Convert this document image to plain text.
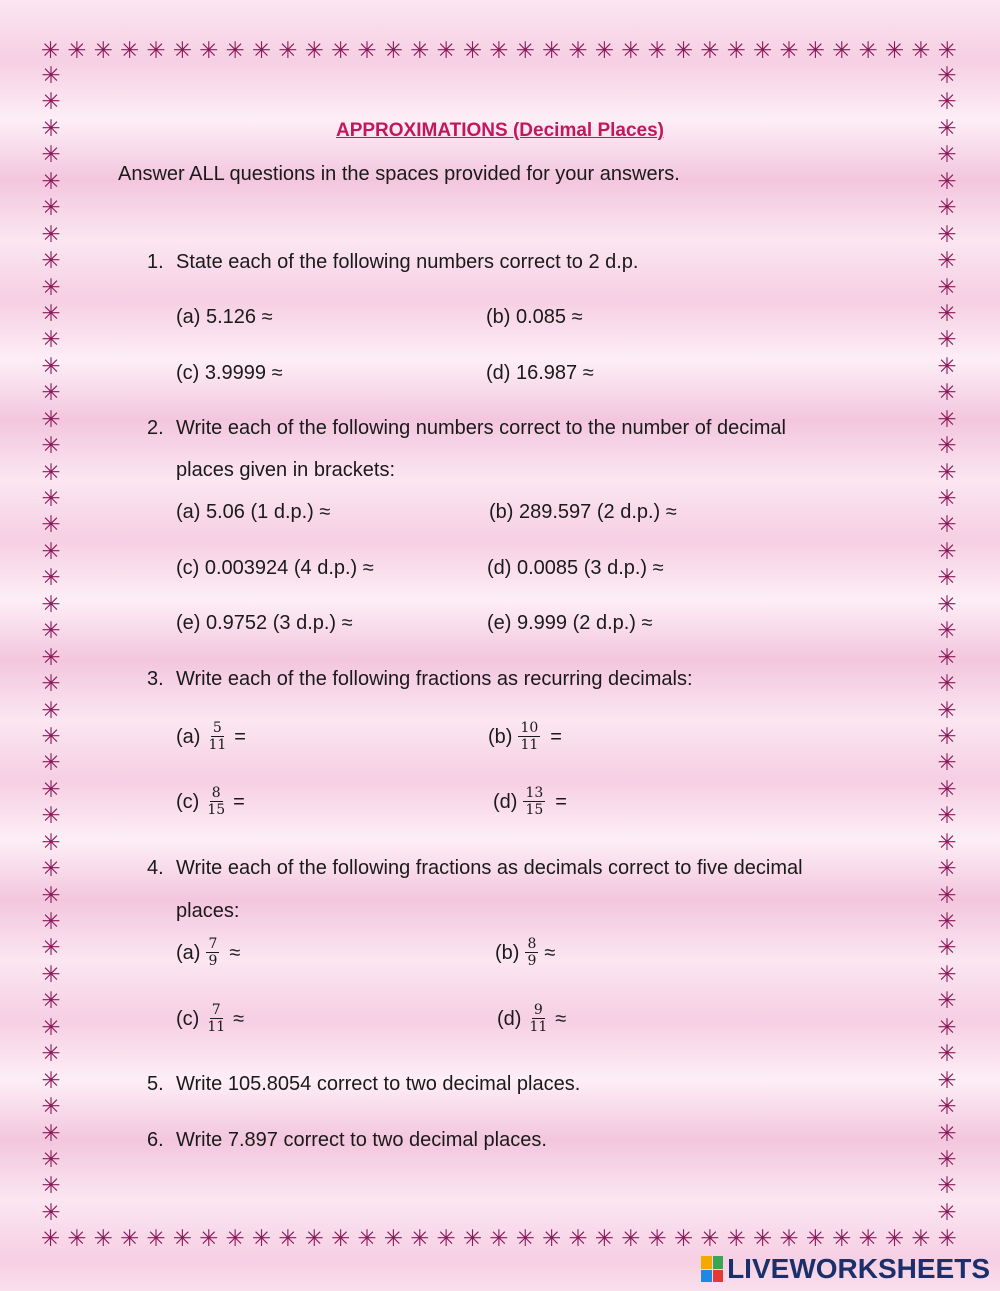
✳ ✳ ✳ ✳ ✳ ✳ ✳ ✳ ✳ ✳ ✳ ✳ ✳ ✳ ✳ ✳ ✳ ✳ ✳ ✳ ✳ ✳ ✳ ✳ ✳ ✳ ✳ ✳ ✳ ✳ ✳ ✳ ✳ ✳ ✳
✳ ✳ ✳ ✳ ✳ ✳ ✳ ✳ ✳ ✳ ✳ ✳ ✳ ✳ ✳ ✳ ✳ ✳ ✳ ✳ ✳ ✳ ✳ ✳ ✳ ✳ ✳ ✳ ✳ ✳ ✳ ✳ ✳ ✳ ✳
✳
✳
✳
✳
✳
✳
✳
✳
✳
✳
✳
✳
✳
✳
✳
✳
✳
✳
✳
✳
✳
✳
✳
✳
✳
✳
✳
✳
✳
✳
✳
✳
✳
✳
✳
✳
✳
✳
✳
✳
✳
✳
✳
✳
✳
✳
✳
✳
✳
✳
✳
✳
✳
✳
✳
✳
✳
✳
✳
✳
✳
✳
✳
✳
✳
✳
✳
✳
✳
✳
✳
✳
✳
✳
✳
✳
✳
✳
✳
✳
✳
✳
✳
✳
✳
✳
✳
✳
APPROXIMATIONS (Decimal Places)
Answer ALL questions in the spaces provided for your answers.
1. State each of the following numbers correct to 2 d.p.
(a) 5.126 ≈	(b) 0.085 ≈
(c) 3.9999 ≈	(d) 16.987 ≈
2. Write each of the following numbers correct to the number of decimal
places given in brackets:
(a) 5.06 (1 d.p.) ≈	(b) 289.597 (2 d.p.) ≈
(c) 0.003924 (4 d.p.) ≈	(d) 0.0085 (3 d.p.) ≈
(e) 0.9752 (3 d.p.) ≈	(e) 9.999 (2 d.p.) ≈
3. Write each of the following fractions as recurring decimals:
$(a) \frac{5}{11}$ =	$(b) \frac{10}{11}$ =
$(c) \frac{8}{15}$ =	$(d) \frac{13}{15}$ =
4. Write each of the following fractions as decimals correct to five decimal
places:
$(a) \frac{7}{9}$ ≈	$(b) \frac{8}{9}$ ≈
$(c) \frac{7}{11}$ ≈	$(d) \frac{9}{11}$ ≈
5. Write 105.8054 correct to two decimal places.
6. Write 7.897 correct to two decimal places.
LIVEWORKSHEETS
